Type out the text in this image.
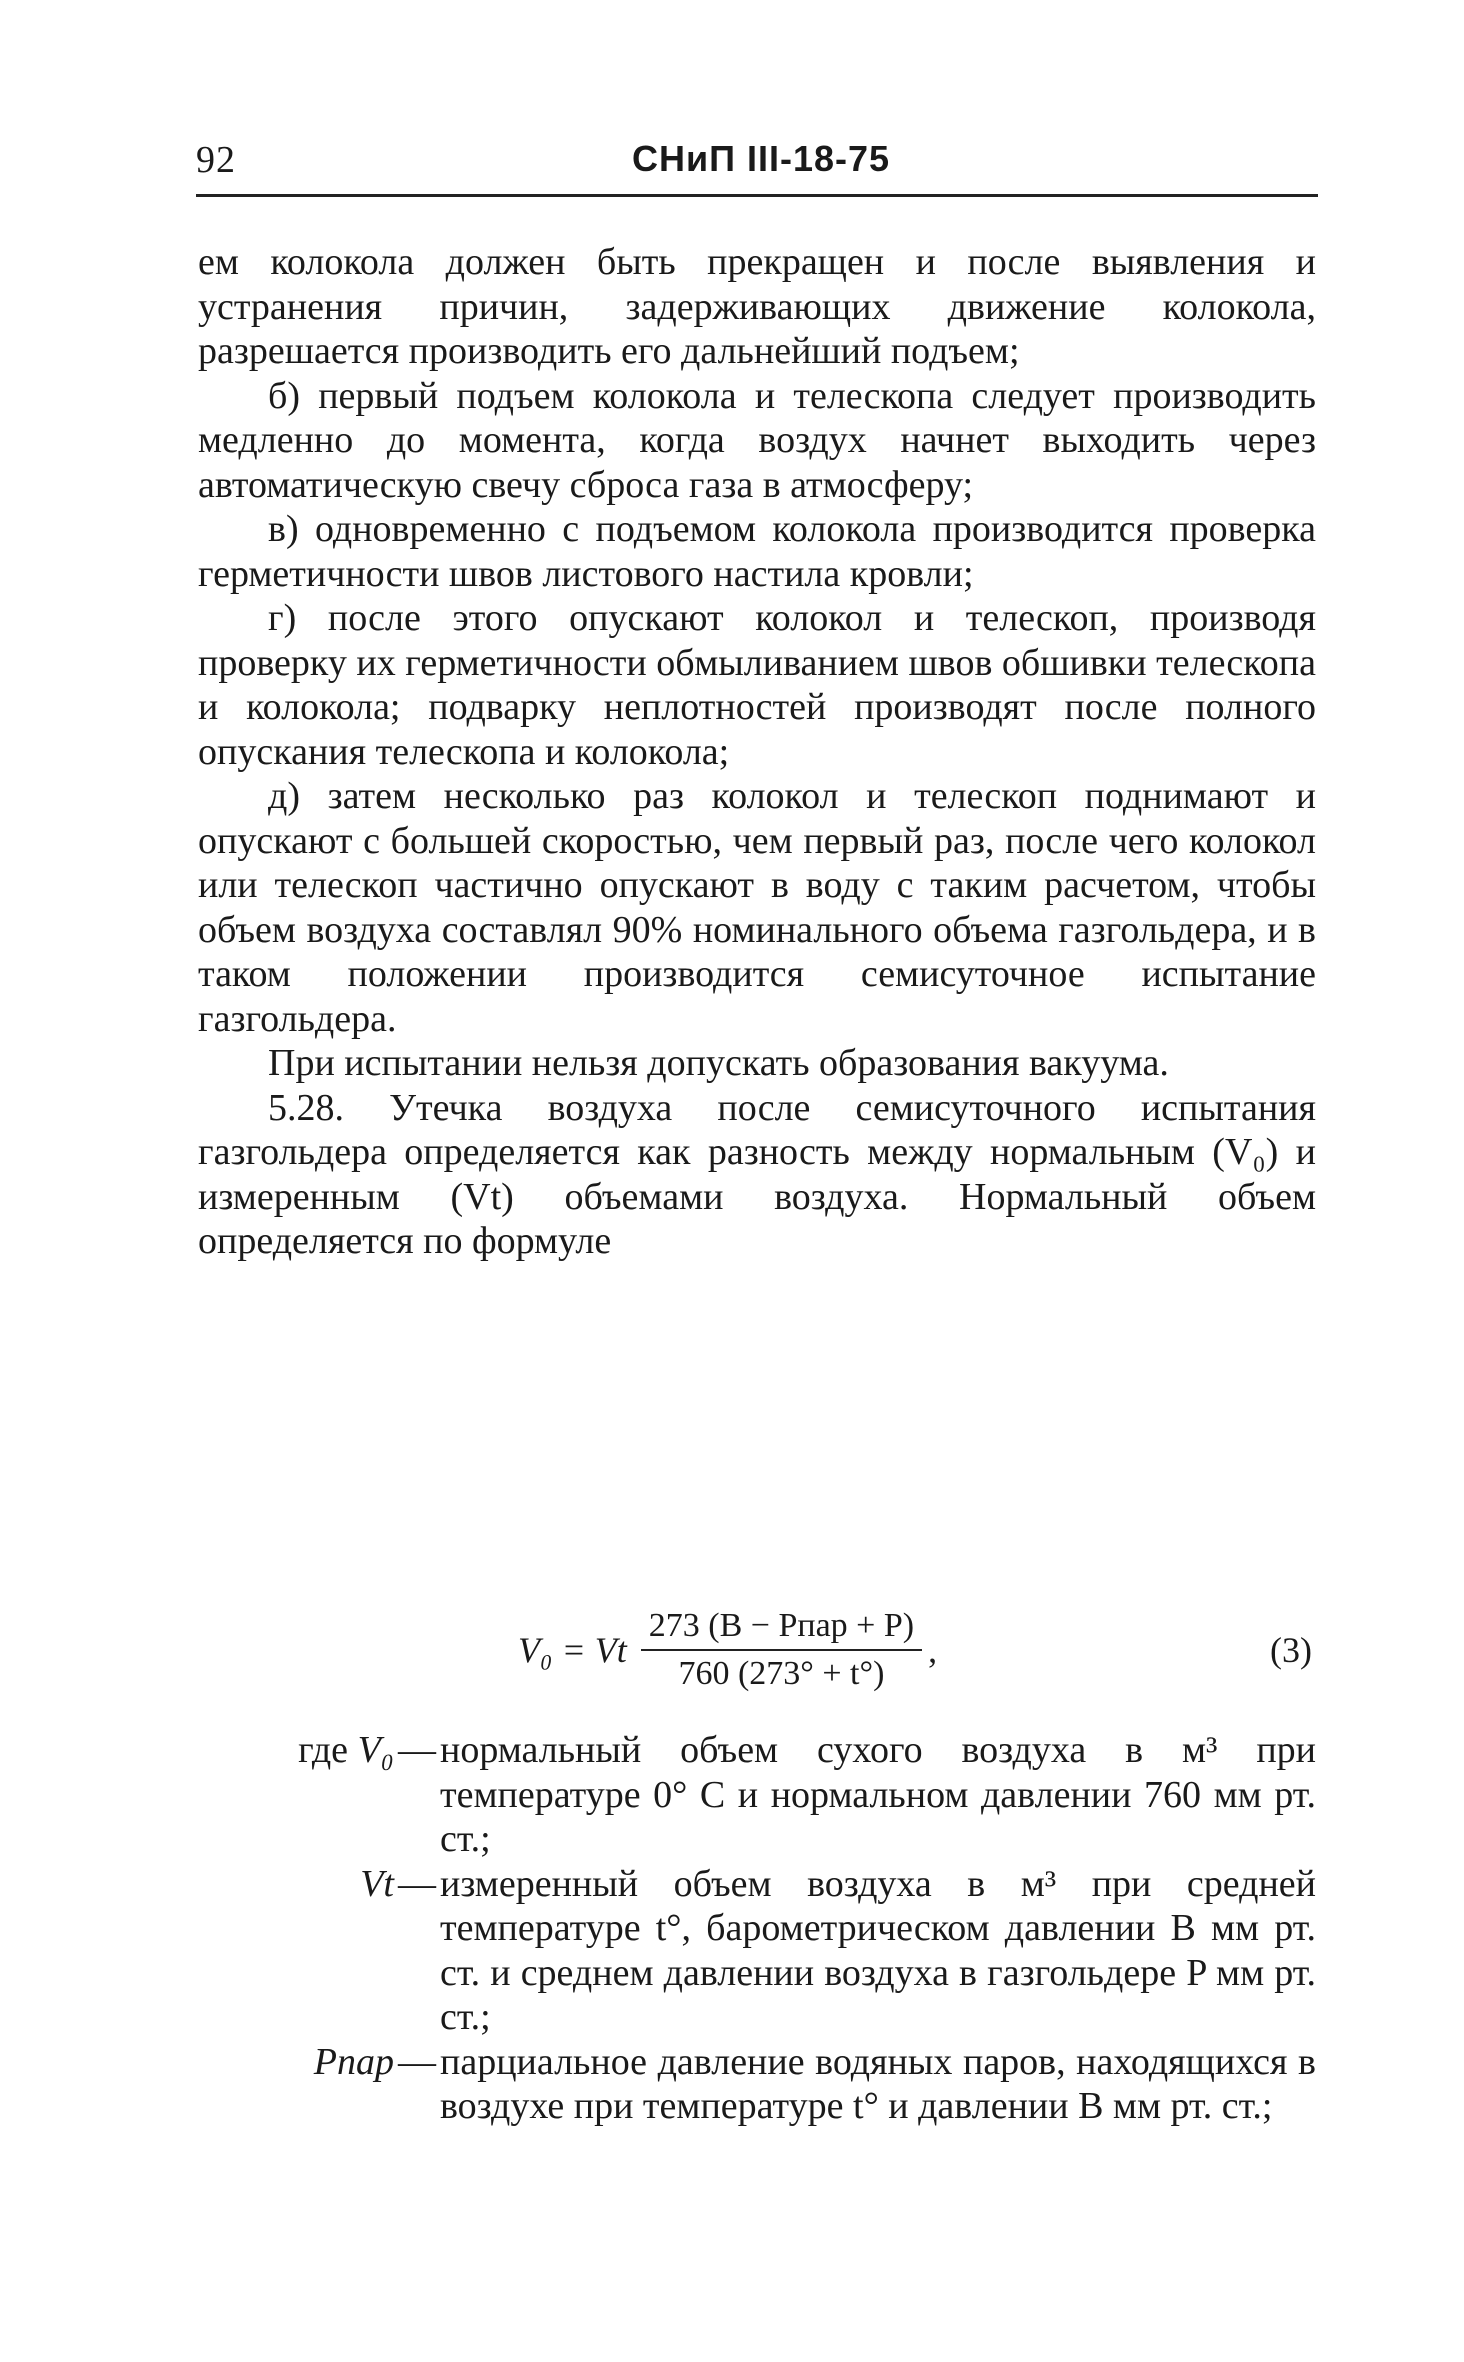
92	СНиП III-18-75

ем колокола должен быть прекращен и после выявления и устранения причин, задерживающих движение колокола, разрешается производить его дальнейший подъем;

б) первый подъем колокола и телескопа следует производить медленно до момента, когда воздух начнет выходить через автоматическую свечу сброса газа в атмосферу;

в) одновременно с подъемом колокола производится проверка герметичности швов листового настила кровли;

г) после этого опускают колокол и телескоп, производя проверку их герметичности обмыливанием швов обшивки телескопа и колокола; подварку неплотностей производят после полного опускания телескопа и колокола;

д) затем несколько раз колокол и телескоп поднимают и опускают с большей скоростью, чем первый раз, после чего колокол или телескоп частично опускают в воду с таким расчетом, чтобы объем воздуха составлял 90% номинального объема газгольдера, и в таком положении производится семисуточное испытание газгольдера.

При испытании нельзя допускать образования вакуума.

5.28. Утечка воздуха после семисуточного испытания газгольдера определяется как разность между нормальным (V₀) и измеренным (Vt) объемами воздуха. Нормальный объем определяется по формуле

V₀ = Vt $\frac{\text{273 (B − Pпар + P)}}{760 (273^\circ + t^\circ)}$ ,	(3)
где V₀ — нормальный объем сухого воздуха в м³ при температуре 0° С и нормальном давлении 760 мм рт. ст.;
Vt — измеренный объем воздуха в м³ при средней температуре t°, барометрическом давлении B мм рт. ст. и среднем давлении воздуха в газгольдере P мм рт. ст.;
Pпар — парциальное давление водяных паров, находящихся в воздухе при температуре t° и давлении B мм рт. ст.;
